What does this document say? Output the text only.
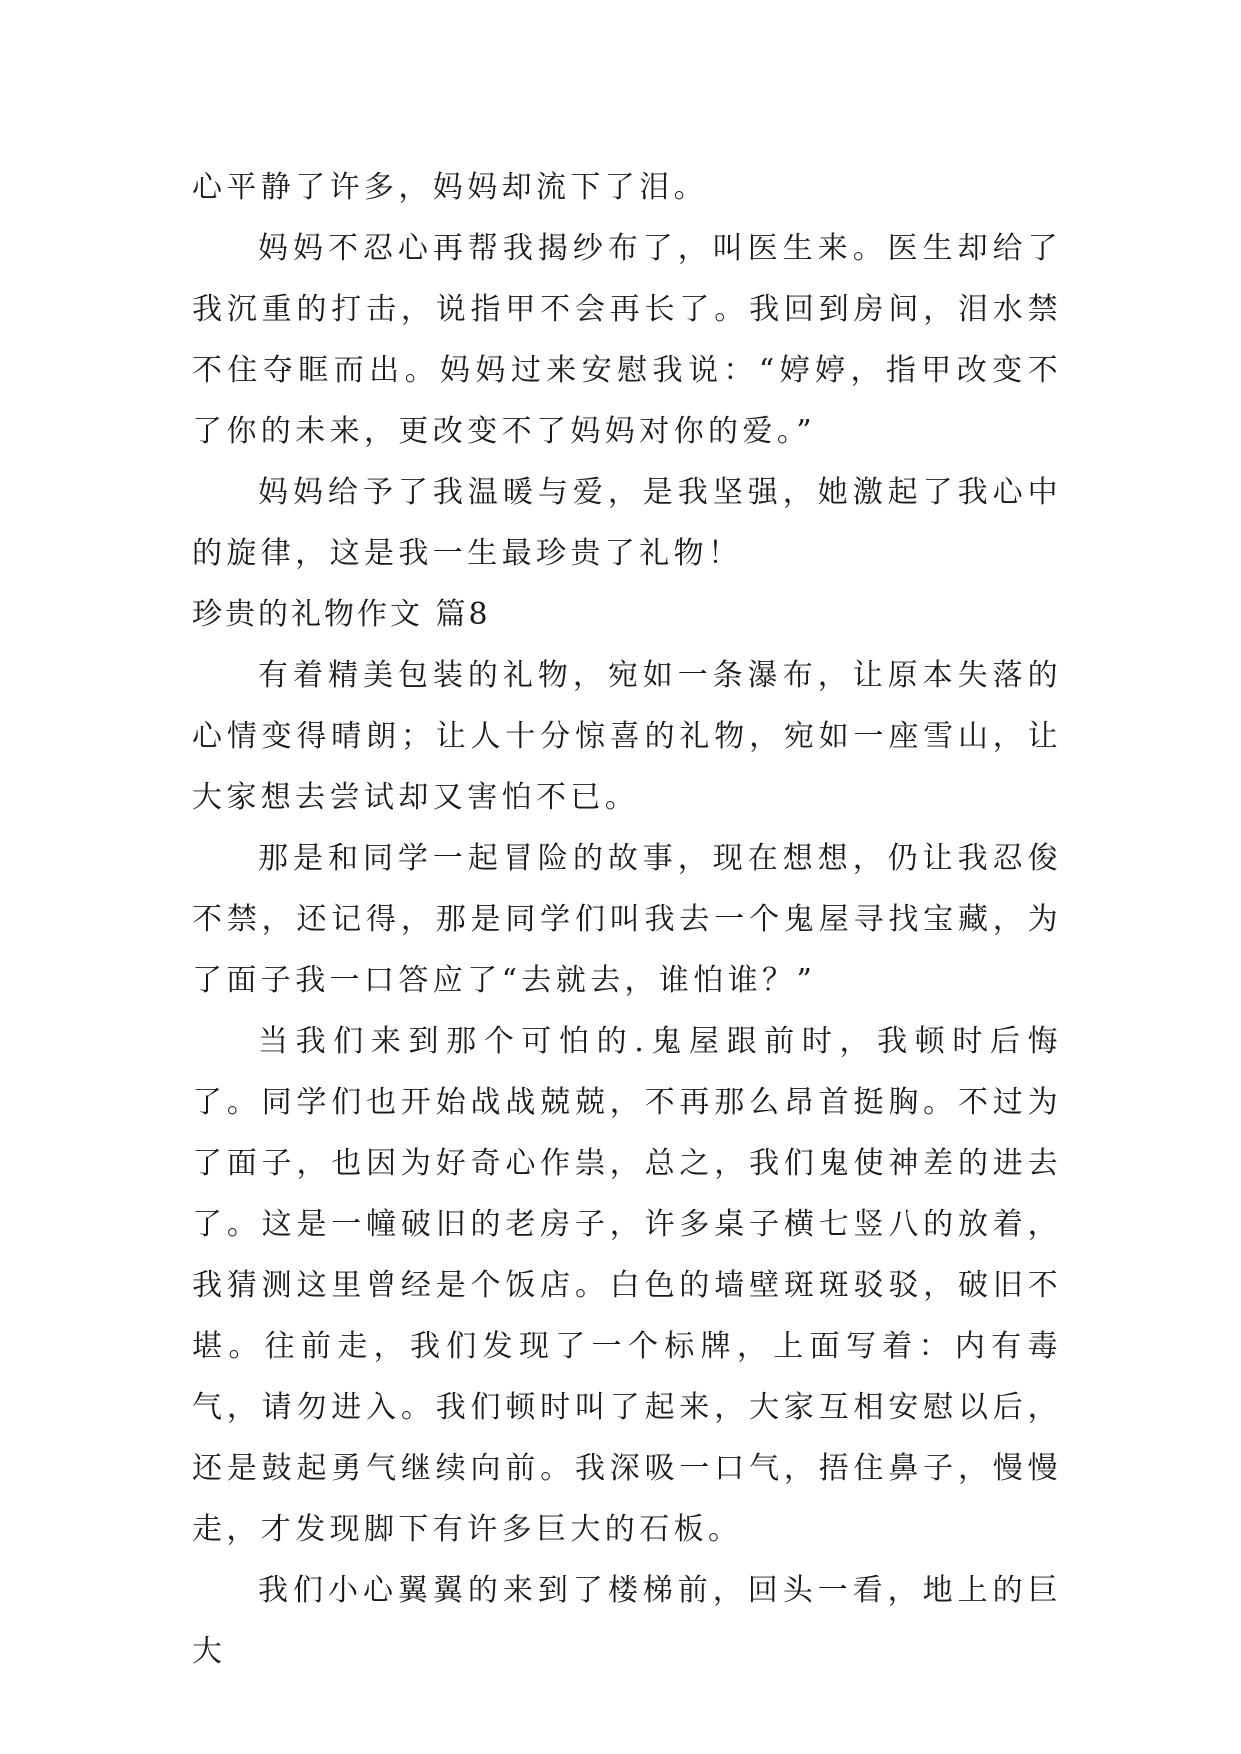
心平静了许多，妈妈却流下了泪。

妈妈不忍心再帮我揭纱布了，叫医生来。医生却给了我沉重的打击，说指甲不会再长了。我回到房间，泪水禁不住夺眶而出。妈妈过来安慰我说：“婷婷，指甲改变不了你的未来，更改变不了妈妈对你的爱。”

妈妈给予了我温暖与爱，是我坚强，她激起了我心中的旋律，这是我一生最珍贵了礼物！

珍贵的礼物作文 篇8

有着精美包装的礼物，宛如一条瀑布，让原本失落的心情变得晴朗；让人十分惊喜的礼物，宛如一座雪山，让大家想去尝试却又害怕不已。

那是和同学一起冒险的故事，现在想想，仍让我忍俊不禁，还记得，那是同学们叫我去一个鬼屋寻找宝藏，为了面子我一口答应了“去就去，谁怕谁？”

当我们来到那个可怕的.鬼屋跟前时，我顿时后悔了。同学们也开始战战兢兢，不再那么昂首挺胸。不过为了面子，也因为好奇心作祟，总之，我们鬼使神差的进去了。这是一幢破旧的老房子，许多桌子横七竖八的放着，我猜测这里曾经是个饭店。白色的墙壁斑斑驳驳，破旧不堪。往前走，我们发现了一个标牌，上面写着：内有毒气，请勿进入。我们顿时叫了起来，大家互相安慰以后，还是鼓起勇气继续向前。我深吸一口气，捂住鼻子，慢慢走，才发现脚下有许多巨大的石板。

我们小心翼翼的来到了楼梯前，回头一看，地上的巨大
